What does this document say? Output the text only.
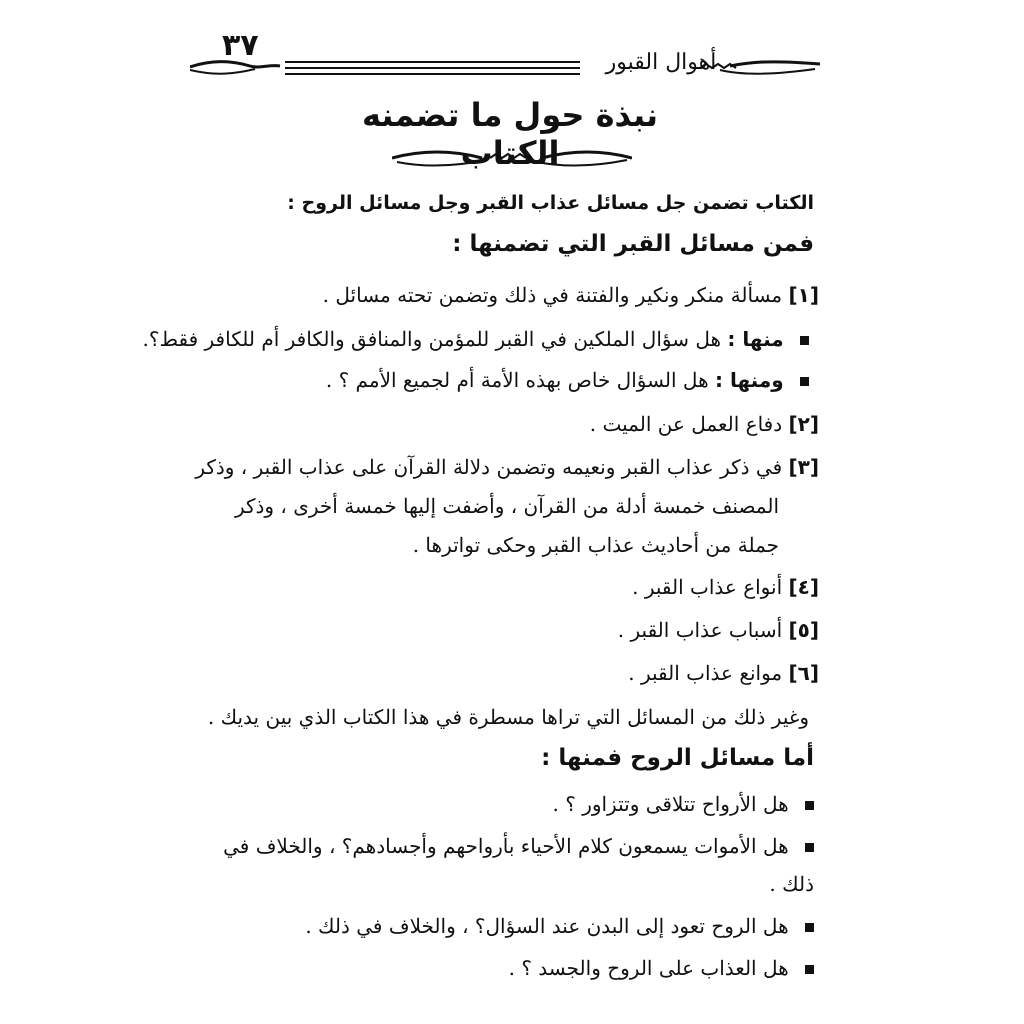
٣٧	أهوال القبور
نبذة حول ما تضمنه الكتاب
الكتاب تضمن جل مسائل عذاب القبر وجل مسائل الروح :
فمن مسائل القبر التي تضمنها :
[١] مسألة منكر ونكير والفتنة في ذلك وتضمن تحته مسائل .
منها : هل سؤال الملكين في القبر للمؤمن والمنافق والكافر أم للكافر فقط؟.
ومنها : هل السؤال خاص بهذه الأمة أم لجميع الأمم ؟ .
[٢] دفاع العمل عن الميت .
[٣] في ذكر عذاب القبر ونعيمه وتضمن دلالة القرآن على عذاب القبر ، وذكر
المصنف خمسة أدلة من القرآن ، وأضفت إليها خمسة أخرى ، وذكر
جملة من أحاديث عذاب القبر وحكى تواترها .
[٤] أنواع عذاب القبر .
[٥] أسباب عذاب القبر .
[٦] موانع عذاب القبر .
وغير ذلك من المسائل التي تراها مسطرة في هذا الكتاب الذي بين يديك .
أما مسائل الروح فمنها :
هل الأرواح تتلاقى وتتزاور ؟ .
هل الأموات يسمعون كلام الأحياء بأرواحهم وأجسادهم؟ ، والخلاف في
ذلك .
هل الروح تعود إلى البدن عند السؤال؟ ، والخلاف في ذلك .
هل العذاب على الروح والجسد ؟ .
